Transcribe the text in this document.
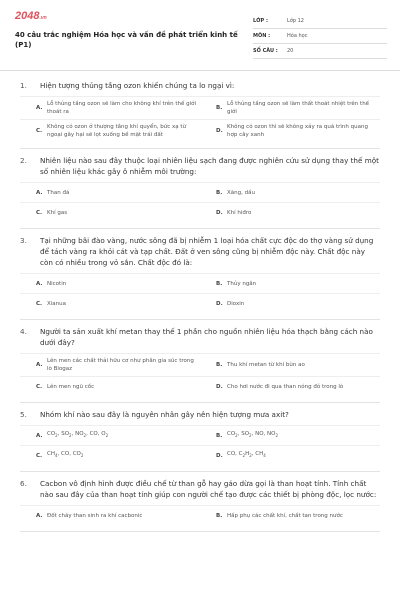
2048.vn
40 câu trắc nghiệm Hóa học và vấn đề phát triển kinh tế (P1)
LỚP :	Lớp 12
MÔN :	Hóa học
SỐ CÂU :	20
1.	Hiện tượng thủng tầng ozon khiến chúng ta lo ngại vì:
A.
Lỗ thủng tầng ozon sẽ làm cho không khí trên thế giới thoát ra
B.
Lỗ thủng tầng ozon sẽ làm thất thoát nhiệt trên thế giới
C.
Không có ozon ở thượng tầng khí quyển, bức xạ từ ngoại gây hại sẽ lọt xuống bề mặt trái đất
D.
Không có ozon thì sẽ không xảy ra quá trình quang hợp cây xanh
2.	Nhiên liệu nào sau đây thuộc loại nhiên liệu sạch đang được nghiên cứu sử dụng thay thế một số nhiên liệu khác gây ô nhiễm môi trường:
A. Than đá	B. Xăng, dầu
C. Khí gas	D. Khí hiđro
3.	Tại những bãi đào vàng, nước sông đã bị nhiễm 1 loại hóa chất cực độc do thợ vàng sử dụng để tách vàng ra khỏi cát và tạp chất. Đất ở ven sông cũng bị nhiễm độc này. Chất độc này còn có nhiều trong vỏ sắn. Chất độc đó là:
A. Nicotin	B. Thủy ngân
C. Xianua	D. Dioxin
4.	Người ta sản xuất khí metan thay thế 1 phần cho nguồn nhiên liệu hóa thạch bằng cách nào dưới đây?
A.
Lên men các chất thải hữu cơ như phân gia súc trong lò Biogaz
B. Thu khí metan từ khí bùn ao
C. Lên men ngũ cốc	D. Cho hơi nước đi qua than nóng đỏ trong lò
5.	Nhóm khí nào sau đây là nguyên nhân gây nên hiện tượng mưa axit?
A. $CO_2$, $SO_2$, $NO_2$, CO, $O_2$	B. $CO_2$, $SO_2$, NO, $NO_2$
C. $CH_4$, CO, $CO_2$	D. CO, $C_2H_2$, $CH_4$
6.	Cacbon vô định hình được điều chế từ than gỗ hay gáo dừa gọi là than hoạt tính. Tính chất nào sau đây của than hoạt tính giúp con người chế tạo được các thiết bị phòng độc, lọc nước:
A. Đốt cháy than sinh ra khí cacbonic	B. Hấp phụ các chất khí, chất tan trong nước
